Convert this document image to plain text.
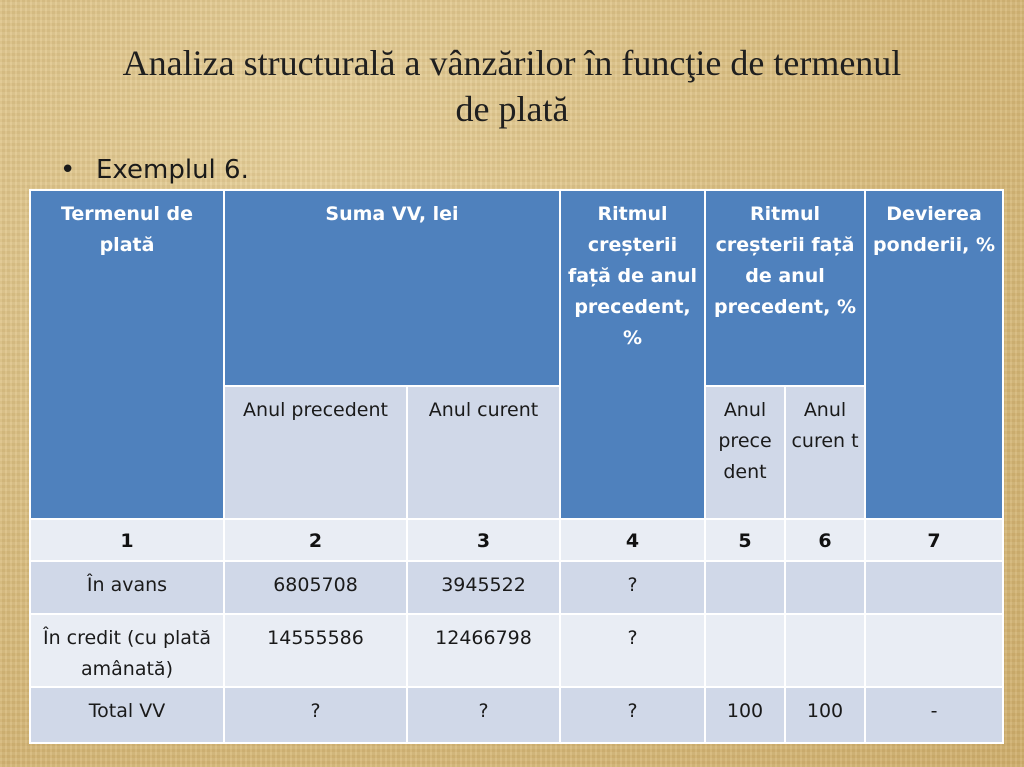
Analiza structurală a vânzărilor în funcţie de termenul
de plată
• Exemplul 6.
Termenul de plată	Suma VV, lei		Ritmul creșterii față de anul precedent, %	Ritmul creșterii față de anul precedent, %		Devierea ponderii, %
	Anul precedent	Anul curent		Anul prece dent	Anul curen t	
1	2	3	4	5	6	7
În avans	6805708	3945522	?			
În credit (cu plată amânată)	14555586	12466798	?			
Total VV	?	?	?	100	100	-
